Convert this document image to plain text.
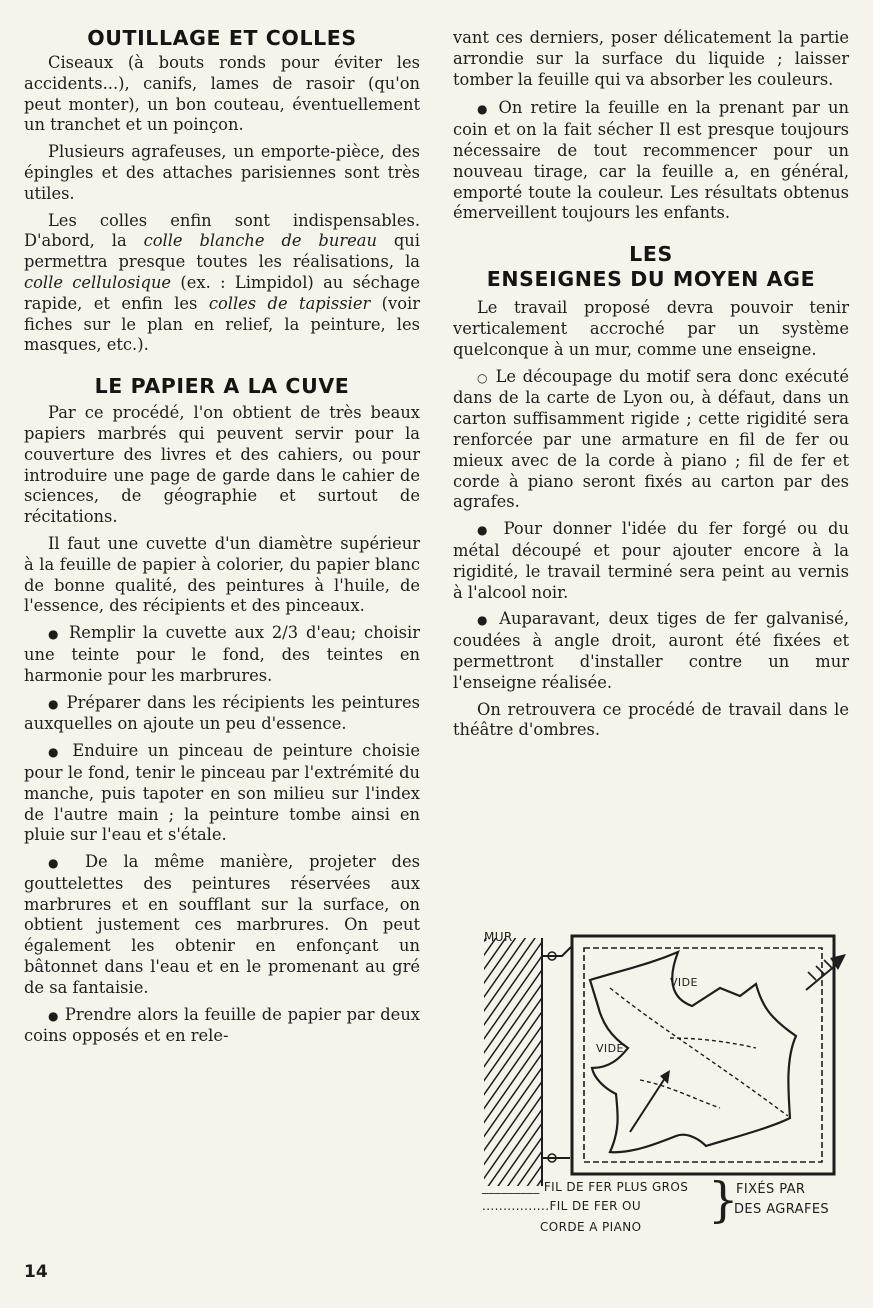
OUTILLAGE ET COLLES

Ciseaux (à bouts ronds pour éviter les accidents...), canifs, lames de rasoir (qu'on peut monter), un bon couteau, éventuellement un tranchet et un poinçon.

Plusieurs agrafeuses, un emporte-pièce, des épingles et des attaches parisiennes sont très utiles.

Les colles enfin sont indispensables. D'abord, la colle blanche de bureau qui permettra presque toutes les réalisations, la colle cellulosique (ex. : Limpidol) au séchage rapide, et enfin les colles de tapissier (voir fiches sur le plan en relief, la peinture, les masques, etc.).

LE PAPIER A LA CUVE

Par ce procédé, l'on obtient de très beaux papiers marbrés qui peuvent servir pour la couverture des livres et des cahiers, ou pour introduire une page de garde dans le cahier de sciences, de géographie et surtout de récitations.

Il faut une cuvette d'un diamètre supérieur à la feuille de papier à colorier, du papier blanc de bonne qualité, des peintures à l'huile, de l'essence, des récipients et des pinceaux.

● Remplir la cuvette aux 2/3 d'eau; choisir une teinte pour le fond, des teintes en harmonie pour les marbrures.

● Préparer dans les récipients les peintures auxquelles on ajoute un peu d'essence.

● Enduire un pinceau de peinture choisie pour le fond, tenir le pinceau par l'extrémité du manche, puis tapoter en son milieu sur l'index de l'autre main ; la peinture tombe ainsi en pluie sur l'eau et s'étale.

● De la même manière, projeter des gouttelettes des peintures réservées aux marbrures et en soufflant sur la surface, on obtient justement ces marbrures. On peut également les obtenir en enfonçant un bâtonnet dans l'eau et en le promenant au gré de sa fantaisie.

● Prendre alors la feuille de papier par deux coins opposés et en rele-

vant ces derniers, poser délicatement la partie arrondie sur la surface du liquide ; laisser tomber la feuille qui va absorber les couleurs.

● On retire la feuille en la prenant par un coin et on la fait sécher Il est presque toujours nécessaire de tout recommencer pour un nouveau tirage, car la feuille a, en général, emporté toute la couleur. Les résultats obtenus émerveillent toujours les enfants.

LES
ENSEIGNES DU MOYEN AGE

Le travail proposé devra pouvoir tenir verticalement accroché par un système quelconque à un mur, comme une enseigne.

○ Le découpage du motif sera donc exécuté dans de la carte de Lyon ou, à défaut, dans un carton suffisamment rigide ; cette rigidité sera renforcée par une armature en fil de fer ou mieux avec de la corde à piano ; fil de fer et corde à piano seront fixés au carton par des agrafes.

● Pour donner l'idée du fer forgé ou du métal découpé et pour ajouter encore à la rigidité, le travail terminé sera peint au vernis à l'alcool noir.

● Auparavant, deux tiges de fer galvanisé, coudées à angle droit, auront été fixées et permettront d'installer contre un mur l'enseigne réalisée.

On retrouvera ce procédé de travail dans le théâtre d'ombres.

MUR
VIDE
VIDE
_________ FIL DE FER PLUS GROS
................FIL DE FER OU
CORDE A PIANO }
FIXÉS PAR
DES AGRAFES
14
